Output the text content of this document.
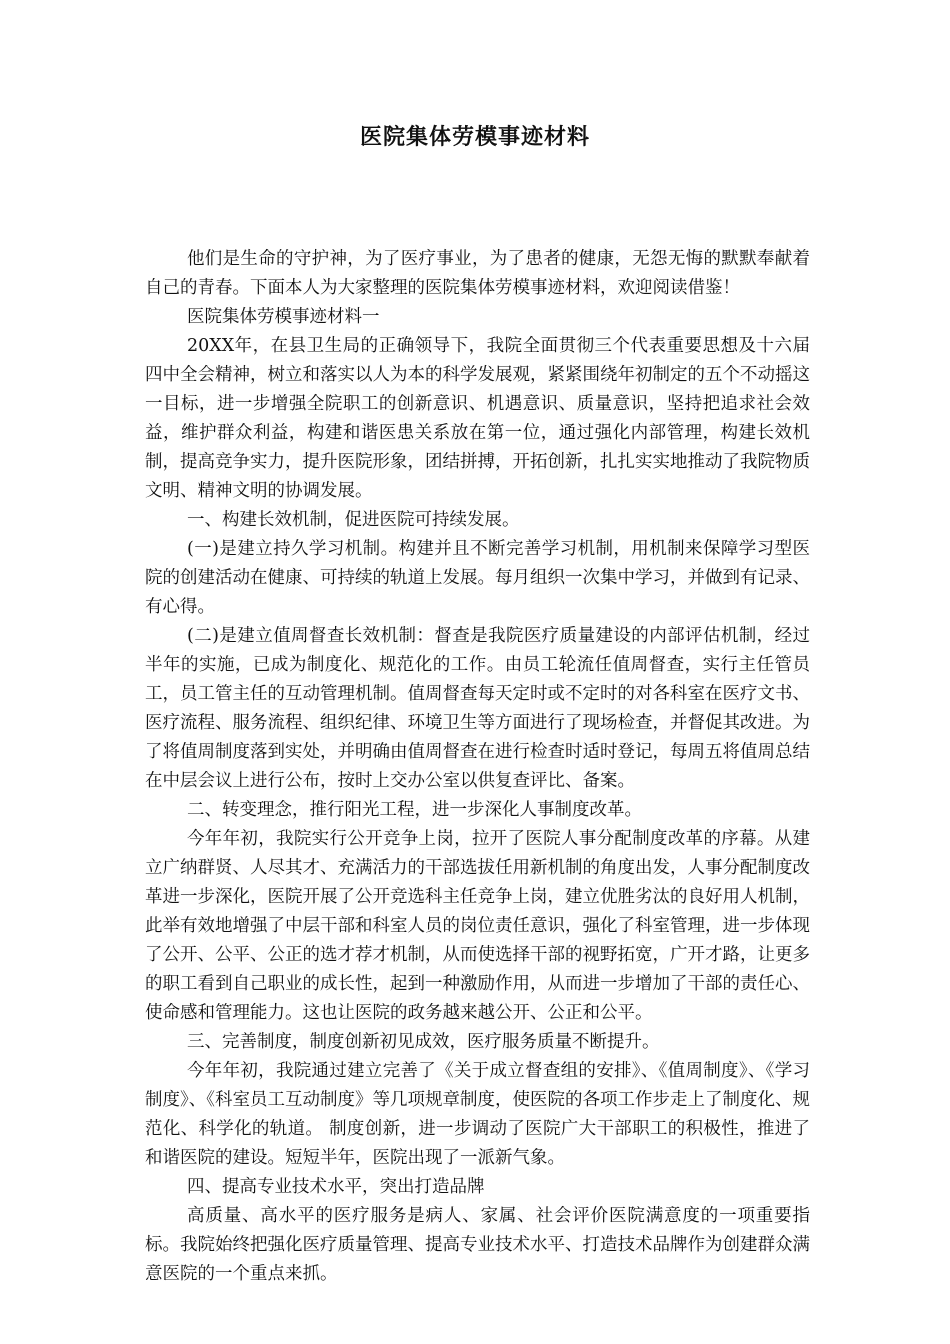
医院集体劳模事迹材料

他们是生命的守护神，为了医疗事业，为了患者的健康，无怨无悔的默默奉献着自己的青春。下面本人为大家整理的医院集体劳模事迹材料，欢迎阅读借鉴！

医院集体劳模事迹材料一

20XX年，在县卫生局的正确领导下，我院全面贯彻三个代表重要思想及十六届四中全会精神，树立和落实以人为本的科学发展观，紧紧围绕年初制定的五个不动摇这一目标，进一步增强全院职工的创新意识、机遇意识、质量意识，坚持把追求社会效益，维护群众利益，构建和谐医患关系放在第一位，通过强化内部管理，构建长效机制，提高竞争实力，提升医院形象，团结拼搏，开拓创新，扎扎实实地推动了我院物质文明、精神文明的协调发展。

一、构建长效机制，促进医院可持续发展。

(一)是建立持久学习机制。构建并且不断完善学习机制，用机制来保障学习型医院的创建活动在健康、可持续的轨道上发展。每月组织一次集中学习，并做到有记录、有心得。

(二)是建立值周督查长效机制：督查是我院医疗质量建设的内部评估机制，经过半年的实施，已成为制度化、规范化的工作。由员工轮流任值周督查，实行主任管员工，员工管主任的互动管理机制。值周督查每天定时或不定时的对各科室在医疗文书、医疗流程、服务流程、组织纪律、环境卫生等方面进行了现场检查，并督促其改进。为了将值周制度落到实处，并明确由值周督查在进行检查时适时登记，每周五将值周总结在中层会议上进行公布，按时上交办公室以供复查评比、备案。

二、转变理念，推行阳光工程，进一步深化人事制度改革。

今年年初，我院实行公开竞争上岗，拉开了医院人事分配制度改革的序幕。从建立广纳群贤、人尽其才、充满活力的干部选拔任用新机制的角度出发，人事分配制度改革进一步深化，医院开展了公开竞选科主任竞争上岗，建立优胜劣汰的良好用人机制，此举有效地增强了中层干部和科室人员的岗位责任意识，强化了科室管理，进一步体现了公开、公平、公正的选才荐才机制，从而使选择干部的视野拓宽，广开才路，让更多的职工看到自己职业的成长性，起到一种激励作用，从而进一步增加了干部的责任心、使命感和管理能力。这也让医院的政务越来越公开、公正和公平。

三、完善制度，制度创新初见成效，医疗服务质量不断提升。

今年年初，我院通过建立完善了《关于成立督查组的安排》、《值周制度》、《学习制度》、《科室员工互动制度》等几项规章制度，使医院的各项工作步走上了制度化、规范化、科学化的轨道。 制度创新，进一步调动了医院广大干部职工的积极性，推进了和谐医院的建设。短短半年，医院出现了一派新气象。

四、提高专业技术水平，突出打造品牌

高质量、高水平的医疗服务是病人、家属、社会评价医院满意度的一项重要指标。我院始终把强化医疗质量管理、提高专业技术水平、打造技术品牌作为创建群众满意医院的一个重点来抓。
